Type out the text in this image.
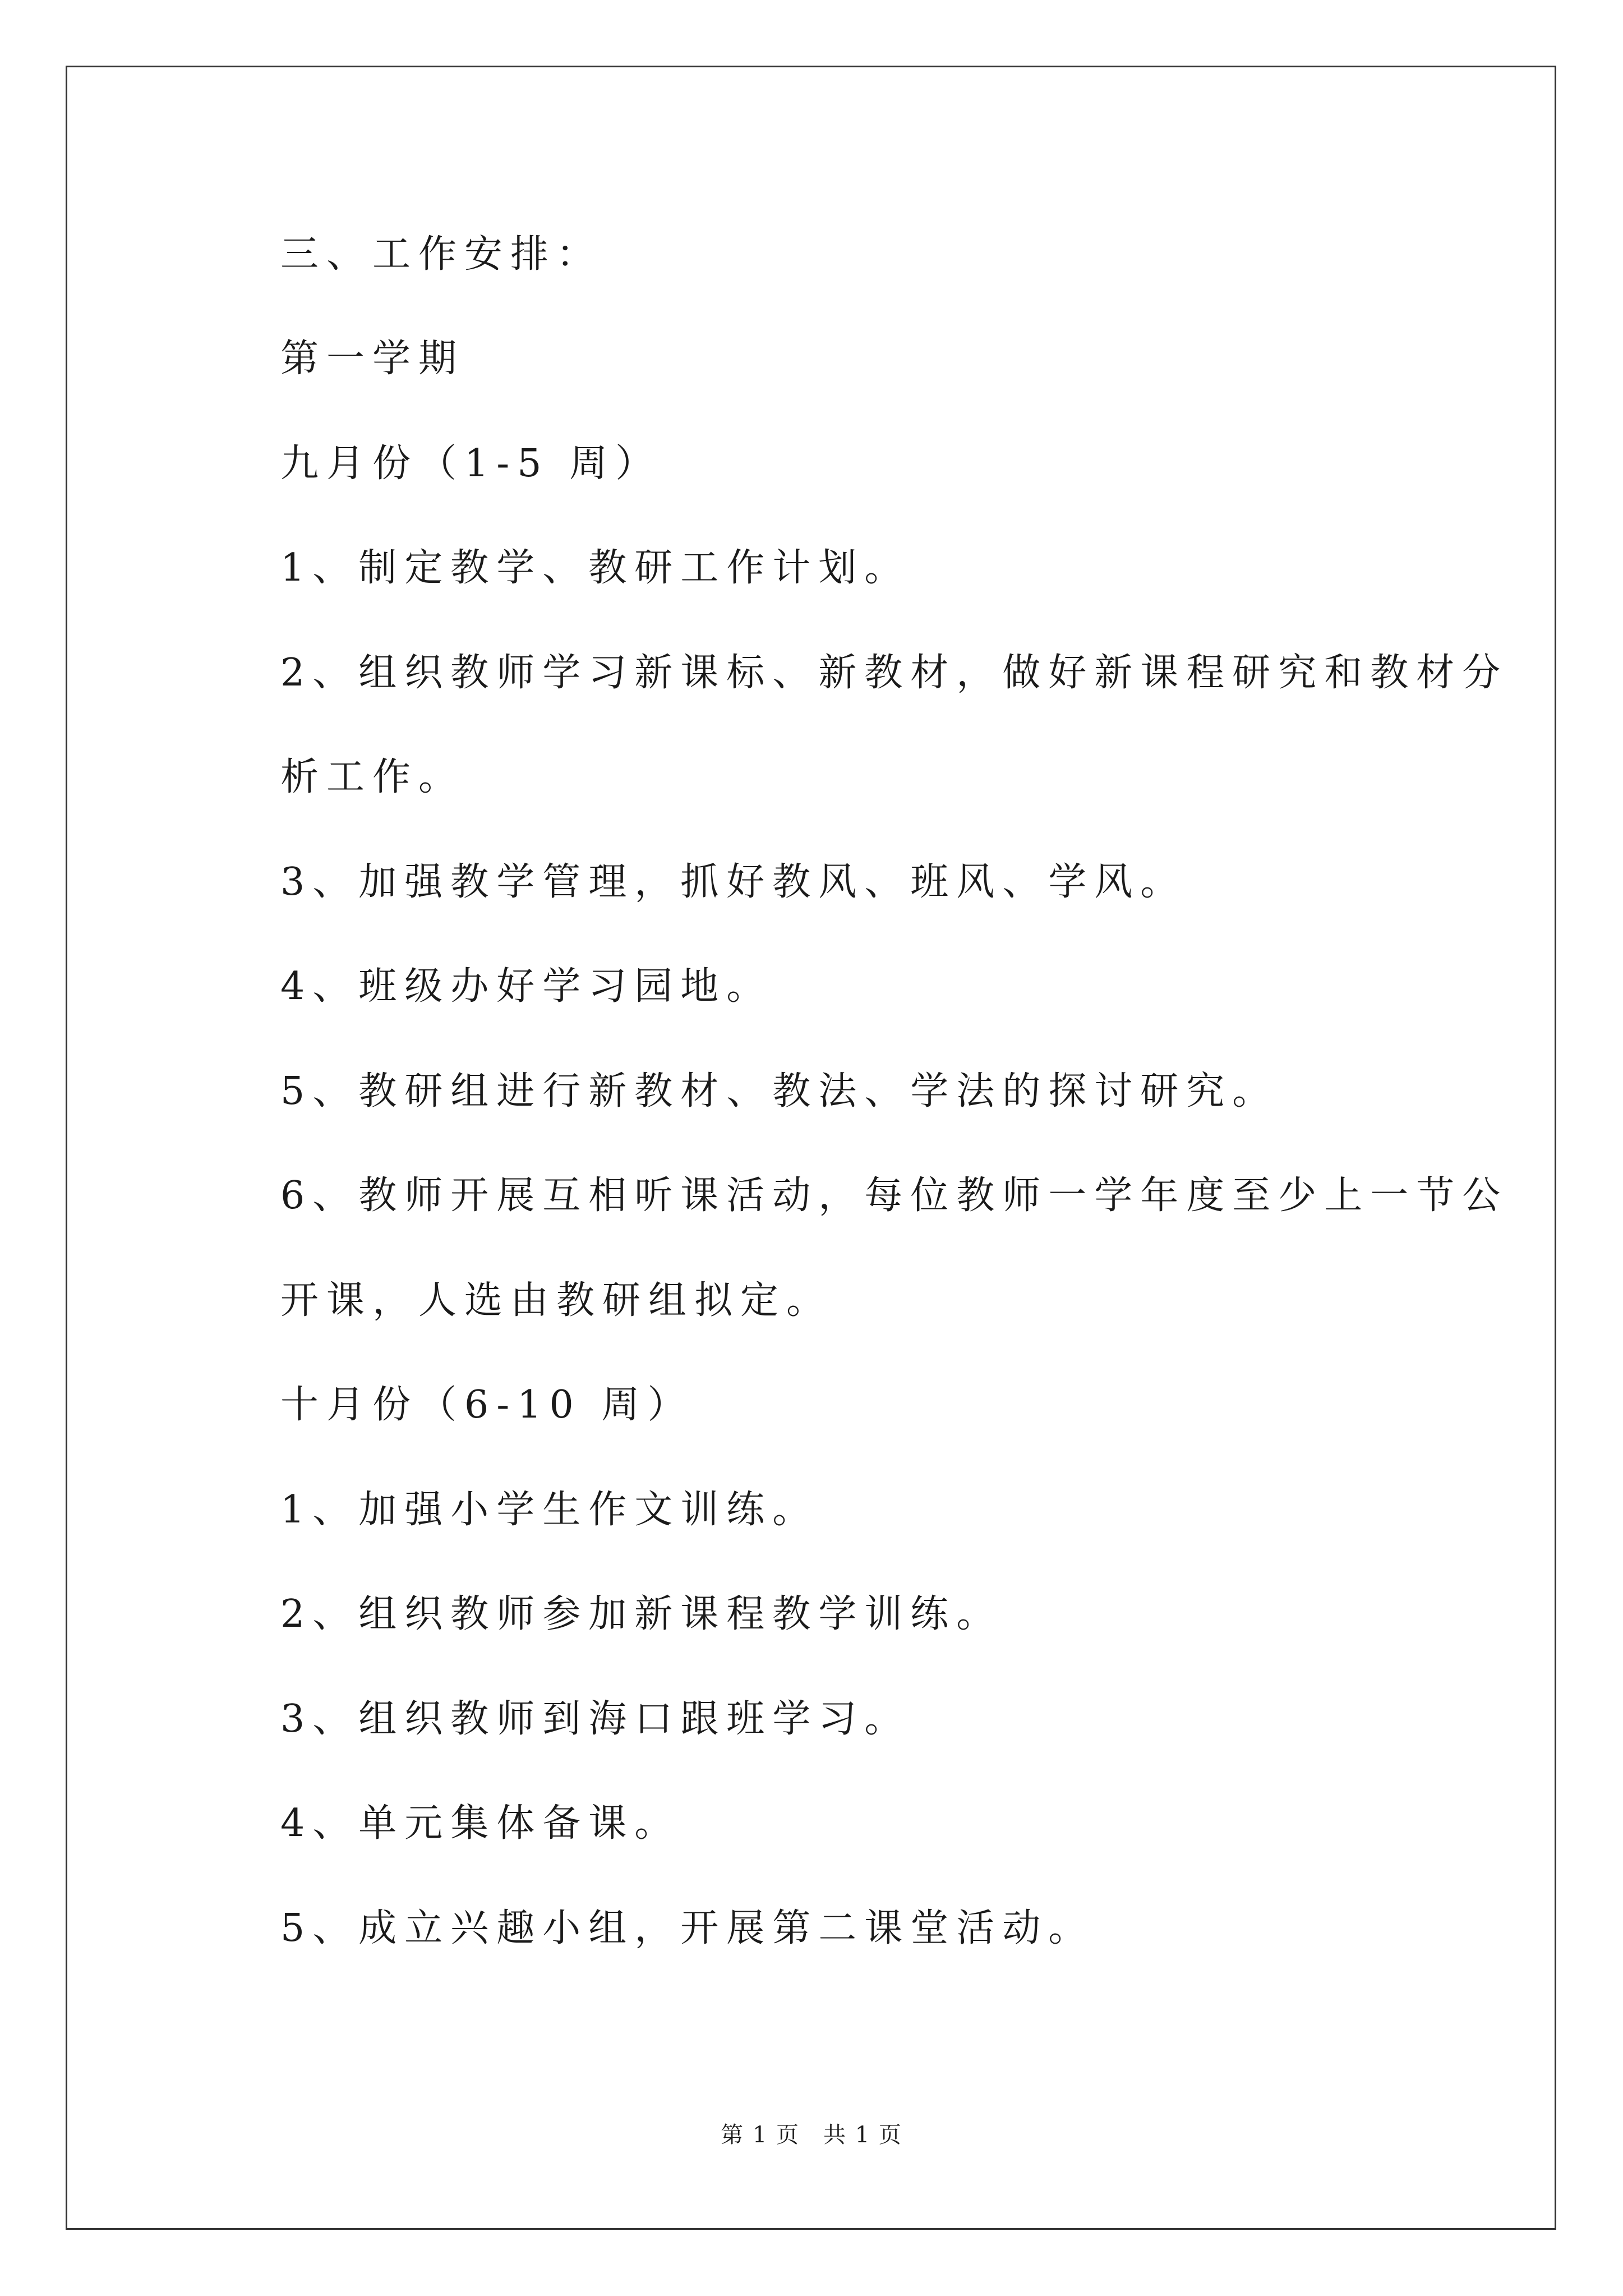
三、工作安排：
第一学期
九月份（1-5 周）
1、制定教学、教研工作计划。
2、组织教师学习新课标、新教材，做好新课程研究和教材分
析工作。
3、加强教学管理，抓好教风、班风、学风。
4、班级办好学习园地。
5、教研组进行新教材、教法、学法的探讨研究。
6、教师开展互相听课活动，每位教师一学年度至少上一节公
开课，人选由教研组拟定。
十月份（6-10 周）
1、加强小学生作文训练。
2、组织教师参加新课程教学训练。
3、组织教师到海口跟班学习。
4、单元集体备课。
5、成立兴趣小组，开展第二课堂活动。
第 1 页　共 1 页
